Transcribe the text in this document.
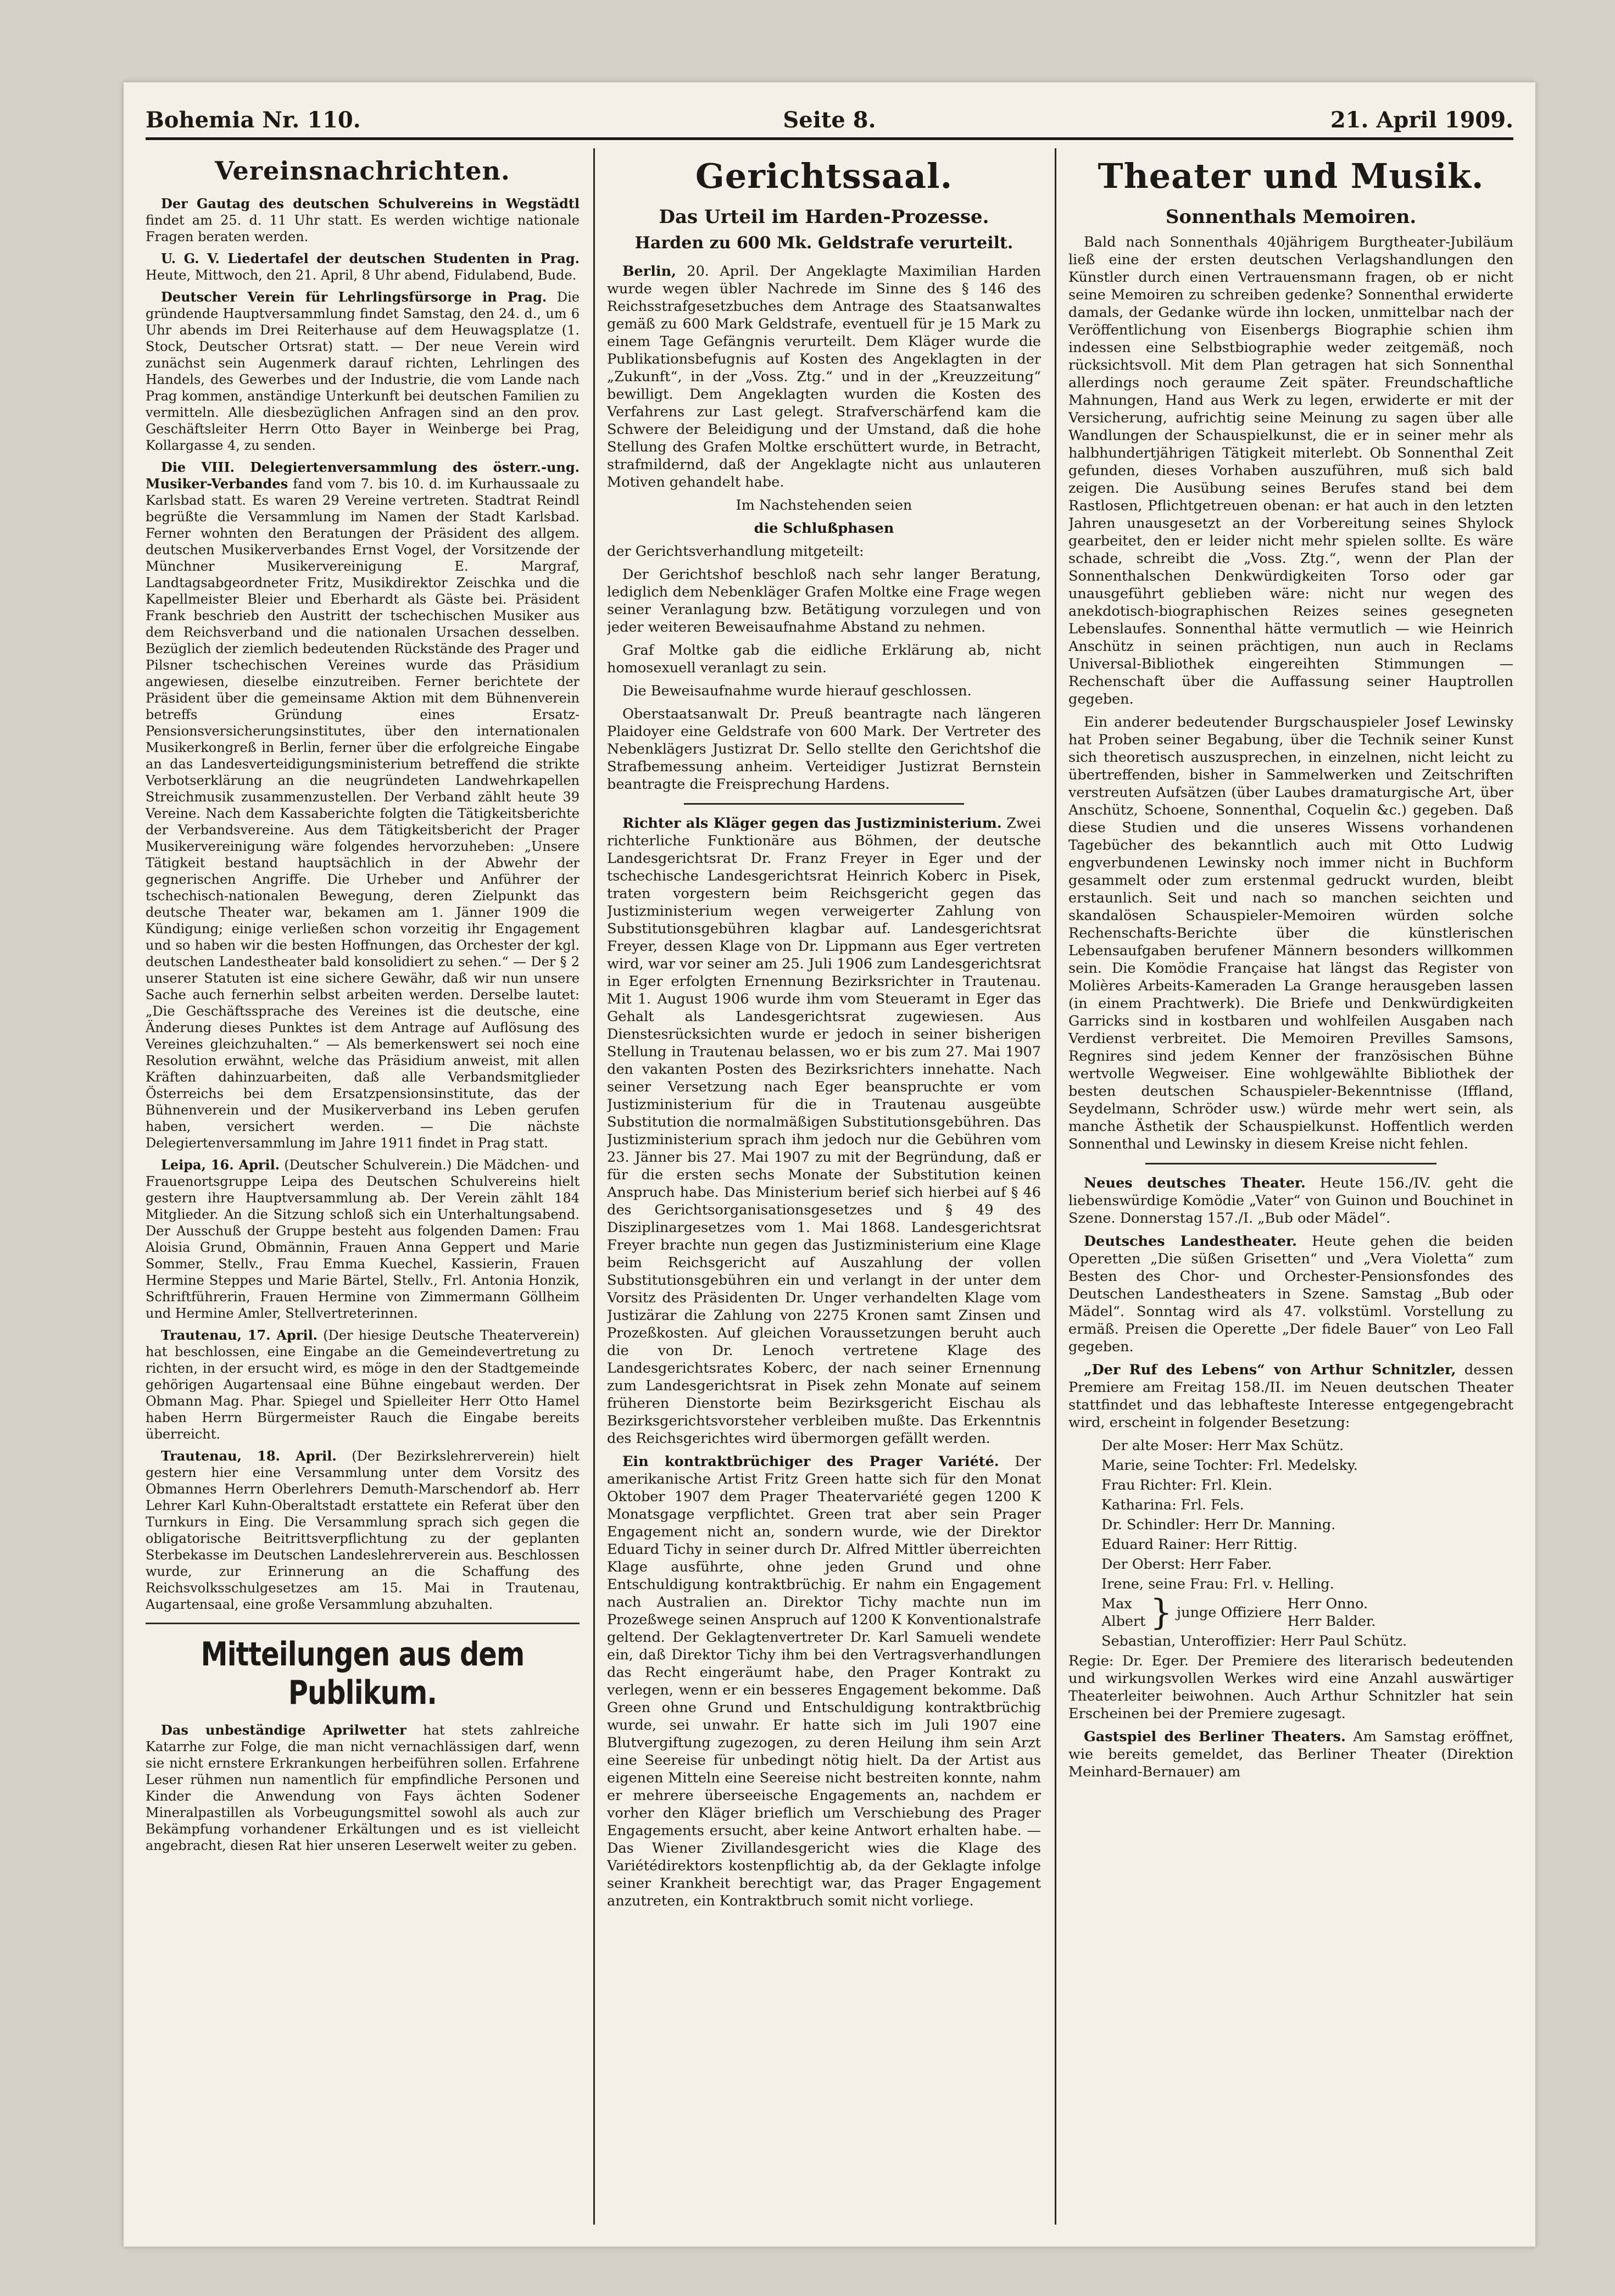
Bohemia Nr. 110.	Seite 8.	21. April 1909.
Vereinsnachrichten.

Der Gautag des deutschen Schulvereins in Wegstädtl findet am 25. d. 11 Uhr statt. Es werden wichtige nationale Fragen beraten werden.

U. G. V. Liedertafel der deutschen Studenten in Prag. Heute, Mittwoch, den 21. April, 8 Uhr abend, Fidulabend, Bude.

Deutscher Verein für Lehrlingsfürsorge in Prag. Die gründende Hauptversammlung findet Samstag, den 24. d., um 6 Uhr abends im Drei Reiterhause auf dem Heuwagsplatze (1. Stock, Deutscher Ortsrat) statt. — Der neue Verein wird zunächst sein Augenmerk darauf richten, Lehrlingen des Handels, des Gewerbes und der Industrie, die vom Lande nach Prag kommen, anständige Unterkunft bei deutschen Familien zu vermitteln. Alle diesbezüglichen Anfragen sind an den prov. Geschäftsleiter Herrn Otto Bayer in Weinberge bei Prag, Kollargasse 4, zu senden.

Die VIII. Delegiertenversammlung des österr.-ung. Musiker-Verbandes fand vom 7. bis 10. d. im Kurhaussaale zu Karlsbad statt. Es waren 29 Vereine vertreten. Stadtrat Reindl begrüßte die Versammlung im Namen der Stadt Karlsbad. Ferner wohnten den Beratungen der Präsident des allgem. deutschen Musikerverbandes Ernst Vogel, der Vorsitzende der Münchner Musikervereinigung E. Margraf, Landtagsabgeordneter Fritz, Musikdirektor Zeischka und die Kapellmeister Bleier und Eberhardt als Gäste bei. Präsident Frank beschrieb den Austritt der tschechischen Musiker aus dem Reichsverband und die nationalen Ursachen desselben. Bezüglich der ziemlich bedeutenden Rückstände des Prager und Pilsner tschechischen Vereines wurde das Präsidium angewiesen, dieselbe einzutreiben. Ferner berichtete der Präsident über die gemeinsame Aktion mit dem Bühnenverein betreffs Gründung eines Ersatz-Pensionsversicherungsinstitutes, über den internationalen Musikerkongreß in Berlin, ferner über die erfolgreiche Eingabe an das Landesverteidigungsministerium betreffend die strikte Verbotserklärung an die neugründeten Landwehrkapellen Streichmusik zusammenzustellen. Der Verband zählt heute 39 Vereine. Nach dem Kassaberichte folgten die Tätigkeitsberichte der Verbandsvereine. Aus dem Tätigkeitsbericht der Prager Musikervereinigung wäre folgendes hervorzuheben: „Unsere Tätigkeit bestand hauptsächlich in der Abwehr der gegnerischen Angriffe. Die Urheber und Anführer der tschechisch-nationalen Bewegung, deren Zielpunkt das deutsche Theater war, bekamen am 1. Jänner 1909 die Kündigung; einige verließen schon vorzeitig ihr Engagement und so haben wir die besten Hoffnungen, das Orchester der kgl. deutschen Landestheater bald konsolidiert zu sehen.“ — Der § 2 unserer Statuten ist eine sichere Gewähr, daß wir nun unsere Sache auch fernerhin selbst arbeiten werden. Derselbe lautet: „Die Geschäftssprache des Vereines ist die deutsche, eine Änderung dieses Punktes ist dem Antrage auf Auflösung des Vereines gleichzuhalten.“ — Als bemerkenswert sei noch eine Resolution erwähnt, welche das Präsidium anweist, mit allen Kräften dahinzuarbeiten, daß alle Verbandsmitglieder Österreichs bei dem Ersatzpensionsinstitute, das der Bühnenverein und der Musikerverband ins Leben gerufen haben, versichert werden. — Die nächste Delegiertenversammlung im Jahre 1911 findet in Prag statt.

Leipa, 16. April. (Deutscher Schulverein.) Die Mädchen- und Frauenortsgruppe Leipa des Deutschen Schulvereins hielt gestern ihre Hauptversammlung ab. Der Verein zählt 184 Mitglieder. An die Sitzung schloß sich ein Unterhaltungsabend. Der Ausschuß der Gruppe besteht aus folgenden Damen: Frau Aloisia Grund, Obmännin, Frauen Anna Geppert und Marie Sommer, Stellv., Frau Emma Kuechel, Kassierin, Frauen Hermine Steppes und Marie Bärtel, Stellv., Frl. Antonia Honzik, Schriftführerin, Frauen Hermine von Zimmermann Göllheim und Hermine Amler, Stellvertreterinnen.

Trautenau, 17. April. (Der hiesige Deutsche Theaterverein) hat beschlossen, eine Eingabe an die Gemeindevertretung zu richten, in der ersucht wird, es möge in den der Stadtgemeinde gehörigen Augartensaal eine Bühne eingebaut werden. Der Obmann Mag. Phar. Spiegel und Spielleiter Herr Otto Hamel haben Herrn Bürgermeister Rauch die Eingabe bereits überreicht.

Trautenau, 18. April. (Der Bezirkslehrerverein) hielt gestern hier eine Versammlung unter dem Vorsitz des Obmannes Herrn Oberlehrers Demuth-Marschendorf ab. Herr Lehrer Karl Kuhn-Oberaltstadt erstattete ein Referat über den Turnkurs in Eing. Die Versammlung sprach sich gegen die obligatorische Beitrittsverpflichtung zu der geplanten Sterbekasse im Deutschen Landeslehrerverein aus. Beschlossen wurde, zur Erinnerung an die Schaffung des Reichsvolksschulgesetzes am 15. Mai in Trautenau, Augartensaal, eine große Versammlung abzuhalten.

Mitteilungen aus dem Publikum.

Das unbeständige Aprilwetter hat stets zahlreiche Katarrhe zur Folge, die man nicht vernachlässigen darf, wenn sie nicht ernstere Erkrankungen herbeiführen sollen. Erfahrene Leser rühmen nun namentlich für empfindliche Personen und Kinder die Anwendung von Fays ächten Sodener Mineralpastillen als Vorbeugungsmittel sowohl als auch zur Bekämpfung vorhandener Erkältungen und es ist vielleicht angebracht, diesen Rat hier unseren Leserwelt weiter zu geben.

Gerichtssaal.
Das Urteil im Harden-Prozesse.
Harden zu 600 Mk. Geldstrafe verurteilt.

Berlin, 20. April. Der Angeklagte Maximilian Harden wurde wegen übler Nachrede im Sinne des § 146 des Reichsstrafgesetzbuches dem Antrage des Staatsanwaltes gemäß zu 600 Mark Geldstrafe, eventuell für je 15 Mark zu einem Tage Gefängnis verurteilt. Dem Kläger wurde die Publikationsbefugnis auf Kosten des Angeklagten in der „Zukunft“, in der „Voss. Ztg.“ und in der „Kreuzzeitung“ bewilligt. Dem Angeklagten wurden die Kosten des Verfahrens zur Last gelegt. Strafverschärfend kam die Schwere der Beleidigung und der Umstand, daß die hohe Stellung des Grafen Moltke erschüttert wurde, in Betracht, strafmildernd, daß der Angeklagte nicht aus unlauteren Motiven gehandelt habe.

Im Nachstehenden seien

die Schlußphasen

der Gerichtsverhandlung mitgeteilt:

Der Gerichtshof beschloß nach sehr langer Beratung, lediglich dem Nebenkläger Grafen Moltke eine Frage wegen seiner Veranlagung bzw. Betätigung vorzulegen und von jeder weiteren Beweisaufnahme Abstand zu nehmen.

Graf Moltke gab die eidliche Erklärung ab, nicht homosexuell veranlagt zu sein.

Die Beweisaufnahme wurde hierauf geschlossen.

Oberstaatsanwalt Dr. Preuß beantragte nach längeren Plaidoyer eine Geldstrafe von 600 Mark. Der Vertreter des Nebenklägers Justizrat Dr. Sello stellte den Gerichtshof die Strafbemessung anheim. Verteidiger Justizrat Bernstein beantragte die Freisprechung Hardens.

Richter als Kläger gegen das Justizministerium. Zwei richterliche Funktionäre aus Böhmen, der deutsche Landesgerichtsrat Dr. Franz Freyer in Eger und der tschechische Landesgerichtsrat Heinrich Koberc in Pisek, traten vorgestern beim Reichsgericht gegen das Justizministerium wegen verweigerter Zahlung von Substitutionsgebühren klagbar auf. Landesgerichtsrat Freyer, dessen Klage von Dr. Lippmann aus Eger vertreten wird, war vor seiner am 25. Juli 1906 zum Landesgerichtsrat in Eger erfolgten Ernennung Bezirksrichter in Trautenau. Mit 1. August 1906 wurde ihm vom Steueramt in Eger das Gehalt als Landesgerichtsrat zugewiesen. Aus Dienstesrücksichten wurde er jedoch in seiner bisherigen Stellung in Trautenau belassen, wo er bis zum 27. Mai 1907 den vakanten Posten des Bezirksrichters innehatte. Nach seiner Versetzung nach Eger beanspruchte er vom Justizministerium für die in Trautenau ausgeübte Substitution die normalmäßigen Substitutionsgebühren. Das Justizministerium sprach ihm jedoch nur die Gebühren vom 23. Jänner bis 27. Mai 1907 zu mit der Begründung, daß er für die ersten sechs Monate der Substitution keinen Anspruch habe. Das Ministerium berief sich hierbei auf § 46 des Gerichtsorganisationsgesetzes und § 49 des Disziplinargesetzes vom 1. Mai 1868. Landesgerichtsrat Freyer brachte nun gegen das Justizministerium eine Klage beim Reichsgericht auf Auszahlung der vollen Substitutionsgebühren ein und verlangt in der unter dem Vorsitz des Präsidenten Dr. Unger verhandelten Klage vom Justizärar die Zahlung von 2275 Kronen samt Zinsen und Prozeßkosten. Auf gleichen Voraussetzungen beruht auch die von Dr. Lenoch vertretene Klage des Landesgerichtsrates Koberc, der nach seiner Ernennung zum Landesgerichtsrat in Pisek zehn Monate auf seinem früheren Dienstorte beim Bezirksgericht Eischau als Bezirksgerichtsvorsteher verbleiben mußte. Das Erkenntnis des Reichsgerichtes wird übermorgen gefällt werden.

Ein kontraktbrüchiger des Prager Variété. Der amerikanische Artist Fritz Green hatte sich für den Monat Oktober 1907 dem Prager Theatervariété gegen 1200 K Monatsgage verpflichtet. Green trat aber sein Prager Engagement nicht an, sondern wurde, wie der Direktor Eduard Tichy in seiner durch Dr. Alfred Mittler überreichten Klage ausführte, ohne jeden Grund und ohne Entschuldigung kontraktbrüchig. Er nahm ein Engagement nach Australien an. Direktor Tichy machte nun im Prozeßwege seinen Anspruch auf 1200 K Konventionalstrafe geltend. Der Geklagtenvertreter Dr. Karl Samueli wendete ein, daß Direktor Tichy ihm bei den Vertragsverhandlungen das Recht eingeräumt habe, den Prager Kontrakt zu verlegen, wenn er ein besseres Engagement bekomme. Daß Green ohne Grund und Entschuldigung kontraktbrüchig wurde, sei unwahr. Er hatte sich im Juli 1907 eine Blutvergiftung zugezogen, zu deren Heilung ihm sein Arzt eine Seereise für unbedingt nötig hielt. Da der Artist aus eigenen Mitteln eine Seereise nicht bestreiten konnte, nahm er mehrere überseeische Engagements an, nachdem er vorher den Kläger brieflich um Verschiebung des Prager Engagements ersucht, aber keine Antwort erhalten habe. — Das Wiener Zivillandesgericht wies die Klage des Variétédirektors kostenpflichtig ab, da der Geklagte infolge seiner Krankheit berechtigt war, das Prager Engagement anzutreten, ein Kontraktbruch somit nicht vorliege.

Theater und Musik.
Sonnenthals Memoiren.

Bald nach Sonnenthals 40jährigem Burgtheater-Jubiläum ließ eine der ersten deutschen Verlagshandlungen den Künstler durch einen Vertrauensmann fragen, ob er nicht seine Memoiren zu schreiben gedenke? Sonnenthal erwiderte damals, der Gedanke würde ihn locken, unmittelbar nach der Veröffentlichung von Eisenbergs Biographie schien ihm indessen eine Selbstbiographie weder zeitgemäß, noch rücksichtsvoll. Mit dem Plan getragen hat sich Sonnenthal allerdings noch geraume Zeit später. Freundschaftliche Mahnungen, Hand aus Werk zu legen, erwiderte er mit der Versicherung, aufrichtig seine Meinung zu sagen über alle Wandlungen der Schauspielkunst, die er in seiner mehr als halbhundertjährigen Tätigkeit miterlebt. Ob Sonnenthal Zeit gefunden, dieses Vorhaben auszuführen, muß sich bald zeigen. Die Ausübung seines Berufes stand bei dem Rastlosen, Pflichtgetreuen obenan: er hat auch in den letzten Jahren unausgesetzt an der Vorbereitung seines Shylock gearbeitet, den er leider nicht mehr spielen sollte. Es wäre schade, schreibt die „Voss. Ztg.“, wenn der Plan der Sonnenthalschen Denkwürdigkeiten Torso oder gar unausgeführt geblieben wäre: nicht nur wegen des anekdotisch-biographischen Reizes seines gesegneten Lebenslaufes. Sonnenthal hätte vermutlich — wie Heinrich Anschütz in seinen prächtigen, nun auch in Reclams Universal-Bibliothek eingereihten Stimmungen — Rechenschaft über die Auffassung seiner Hauptrollen gegeben.

Ein anderer bedeutender Burgschauspieler Josef Lewinsky hat Proben seiner Begabung, über die Technik seiner Kunst sich theoretisch auszusprechen, in einzelnen, nicht leicht zu übertreffenden, bisher in Sammelwerken und Zeitschriften verstreuten Aufsätzen (über Laubes dramaturgische Art, über Anschütz, Schoene, Sonnenthal, Coquelin &c.) gegeben. Daß diese Studien und die unseres Wissens vorhandenen Tagebücher des bekanntlich auch mit Otto Ludwig engverbundenen Lewinsky noch immer nicht in Buchform gesammelt oder zum erstenmal gedruckt wurden, bleibt erstaunlich. Seit und nach so manchen seichten und skandalösen Schauspieler-Memoiren würden solche Rechenschafts-Berichte über die künstlerischen Lebensaufgaben berufener Männern besonders willkommen sein. Die Komödie Française hat längst das Register von Molières Arbeits-Kameraden La Grange herausgeben lassen (in einem Prachtwerk). Die Briefe und Denkwürdigkeiten Garricks sind in kostbaren und wohlfeilen Ausgaben nach Verdienst verbreitet. Die Memoiren Previlles Samsons, Regnires sind jedem Kenner der französischen Bühne wertvolle Wegweiser. Eine wohlgewählte Bibliothek der besten deutschen Schauspieler-Bekenntnisse (Iffland, Seydelmann, Schröder usw.) würde mehr wert sein, als manche Ästhetik der Schauspielkunst. Hoffentlich werden Sonnenthal und Lewinsky in diesem Kreise nicht fehlen.

Neues deutsches Theater. Heute 156./IV. geht die liebenswürdige Komödie „Vater“ von Guinon und Bouchinet in Szene. Donnerstag 157./I. „Bub oder Mädel“.

Deutsches Landestheater. Heute gehen die beiden Operetten „Die süßen Grisetten“ und „Vera Violetta“ zum Besten des Chor- und Orchester-Pensionsfondes des Deutschen Landestheaters in Szene. Samstag „Bub oder Mädel“. Sonntag wird als 47. volkstüml. Vorstellung zu ermäß. Preisen die Operette „Der fidele Bauer“ von Leo Fall gegeben.

„Der Ruf des Lebens“ von Arthur Schnitzler, dessen Premiere am Freitag 158./II. im Neuen deutschen Theater stattfindet und das lebhafteste Interesse entgegengebracht wird, erscheint in folgender Besetzung:

Der alte Moser: Herr Max Schütz.

Marie, seine Tochter: Frl. Medelsky.

Frau Richter: Frl. Klein.

Katharina: Frl. Fels.

Dr. Schindler: Herr Dr. Manning.

Eduard Rainer: Herr Rittig.

Der Oberst: Herr Faber.

Irene, seine Frau: Frl. v. Helling.

Max
Albert } junge Offiziere
Herr Onno.
Herr Balder.

Sebastian, Unteroffizier: Herr Paul Schütz.

Regie: Dr. Eger. Der Premiere des literarisch bedeutenden und wirkungsvollen Werkes wird eine Anzahl auswärtiger Theaterleiter beiwohnen. Auch Arthur Schnitzler hat sein Erscheinen bei der Premiere zugesagt.

Gastspiel des Berliner Theaters. Am Samstag eröffnet, wie bereits gemeldet, das Berliner Theater (Direktion Meinhard-Bernauer) am
